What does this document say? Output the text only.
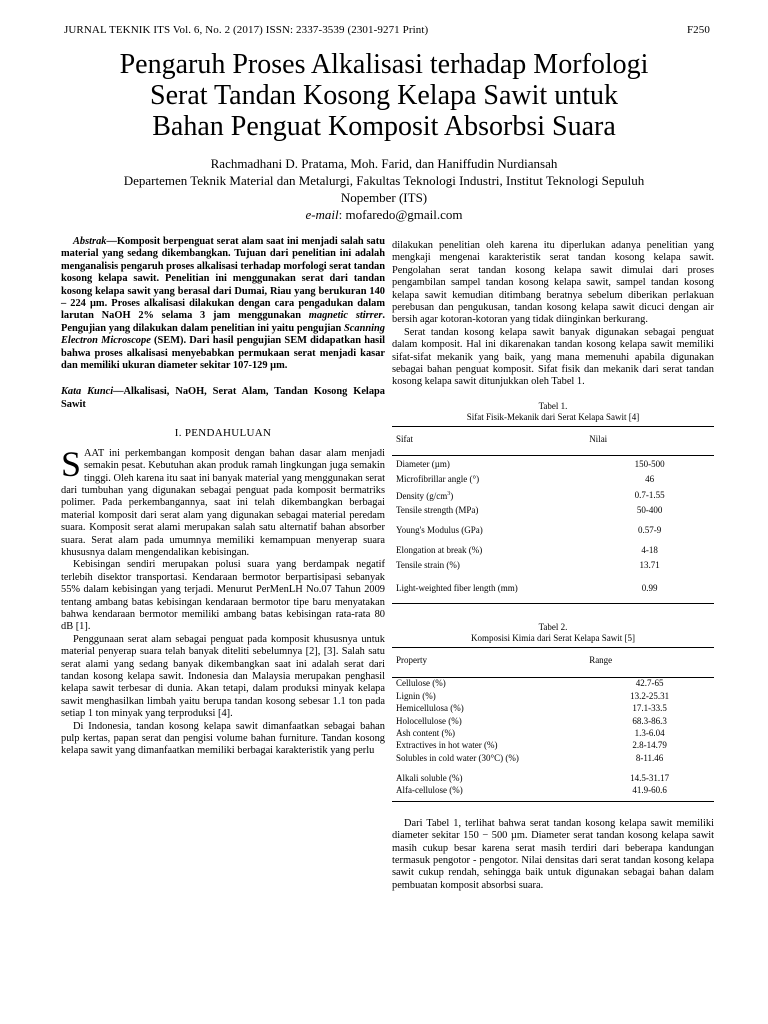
JURNAL TEKNIK ITS Vol. 6, No. 2 (2017) ISSN: 2337-3539 (2301-9271 Print)	F250
Pengaruh Proses Alkalisasi terhadap Morfologi
Serat Tandan Kosong Kelapa Sawit untuk
Bahan Penguat Komposit Absorbsi Suara
Rachmadhani D. Pratama, Moh. Farid, dan Haniffudin Nurdiansah
Departemen Teknik Material dan Metalurgi, Fakultas Teknologi Industri, Institut Teknologi Sepuluh
Nopember (ITS)
e-mail: mofaredo@gmail.com

Abstrak—Komposit berpenguat serat alam saat ini menjadi salah satu material yang sedang dikembangkan. Tujuan dari penelitian ini adalah menganalisis pengaruh proses alkalisasi terhadap morfologi serat tandan kosong kelapa sawit. Penelitian ini menggunakan serat dari tandan kosong kelapa sawit yang berasal dari Dumai, Riau yang berukuran 140 – 224 µm. Proses alkalisasi dilakukan dengan cara pengadukan dalam larutan NaOH 2% selama 3 jam menggunakan magnetic stirrer. Pengujian yang dilakukan dalam penelitian ini yaitu pengujian Scanning Electron Microscope (SEM). Dari hasil pengujian SEM didapatkan hasil bahwa proses alkalisasi menyebabkan permukaan serat menjadi kasar dan memiliki ukuran diameter sekitar 107-129 µm.

Kata Kunci—Alkalisasi, NaOH, Serat Alam, Tandan Kosong Kelapa Sawit

I. PENDAHULUAN

SAAT ini perkembangan komposit dengan bahan dasar alam menjadi semakin pesat. Kebutuhan akan produk ramah lingkungan juga semakin tinggi. Oleh karena itu saat ini banyak material yang menggunakan serat dari tumbuhan yang digunakan sebagai penguat pada komposit bermatriks polimer. Pada perkembangannya, saat ini telah dikembangkan berbagai material komposit dari serat alam yang digunakan sebagai material peredam suara. Komposit serat alami merupakan salah satu alternatif bahan absorber suara. Serat alam pada umumnya memiliki kemampuan menyerap suara khususnya dalam mengendalikan kebisingan.

Kebisingan sendiri merupakan polusi suara yang berdampak negatif terlebih disektor transportasi. Kendaraan bermotor berpartisipasi sebanyak 55% dalam kebisingan yang terjadi. Menurut PerMenLH No.07 Tahun 2009 tentang ambang batas kebisingan kendaraan bermotor tipe baru menyatakan bahwa kendaraan bermotor memiliki ambang batas kebisingan rata-rata 80 dB [1].

Penggunaan serat alam sebagai penguat pada komposit khususnya untuk material penyerap suara telah banyak diteliti sebelumnya [2], [3]. Salah satu serat alami yang sedang banyak dikembangkan saat ini adalah serat dari tandan kosong kelapa sawit. Indonesia dan Malaysia merupakan penghasil kelapa sawit terbesar di dunia. Akan tetapi, dalam produksi minyak kelapa sawit menghasilkan limbah yaitu berupa tandan kosong sebesar 1.1 ton pada setiap 1 ton minyak yang terproduksi [4].

Di Indonesia, tandan kosong kelapa sawit dimanfaatkan sebagai bahan pulp kertas, papan serat dan pengisi volume bahan furniture. Tandan kosong kelapa sawit yang dimanfaatkan memiliki berbagai karakteristik yang perlu

dilakukan penelitian oleh karena itu diperlukan adanya penelitian yang mengkaji mengenai karakteristik serat tandan kosong kelapa sawit. Pengolahan serat tandan kosong kelapa sawit dimulai dari proses pengambilan sampel tandan kosong kelapa sawit, sampel tandan kosong kelapa sawit kemudian ditimbang beratnya sebelum diberikan perlakuan perebusan dan pengukusan, tandan kosong kelapa sawit dicuci dengan air bersih agar kotoran-kotoran yang tidak diinginkan berkurang.

Serat tandan kosong kelapa sawit banyak digunakan sebagai penguat dalam komposit. Hal ini dikarenakan tandan kosong kelapa sawit memiliki sifat-sifat mekanik yang baik, yang mana memenuhi apabila digunakan sebagai bahan penguat komposit. Sifat fisik dan mekanik dari serat tandan kosong kelapa sawit ditunjukkan oleh Tabel 1.

Tabel 1.
Sifat Fisik-Mekanik dari Serat Kelapa Sawit [4]
Sifat	Nilai
Diameter (µm)	150-500
Microfibrillar angle (°)	46
Density $(g/cm^3)$	0.7-1.55
Tensile strength (MPa)	50-400
Young's Modulus (GPa)	0.57-9
Elongation at break (%)	4-18
Tensile strain (%)	13.71
Light-weighted fiber length (mm)	0.99
Tabel 2.
Komposisi Kimia dari Serat Kelapa Sawit [5]
Property	Range
Cellulose (%)	42.7-65
Lignin (%)	13.2-25.31
Hemicellulosa (%)	17.1-33.5
Holocellulose (%)	68.3-86.3
Ash content (%)	1.3-6.04
Extractives in hot water (%)	2.8-14.79
Solubles in cold water (30°C) (%)	8-11.46

Alkali soluble (%)	14.5-31.17
Alfa-cellulose (%)	41.9-60.6

Dari Tabel 1, terlihat bahwa serat tandan kosong kelapa sawit memiliki diameter sekitar 150 − 500 µm. Diameter serat tandan kosong kelapa sawit masih cukup besar karena serat masih terdiri dari beberapa kandungan termasuk pengotor - pengotor. Nilai densitas dari serat tandan kosong kelapa sawit cukup rendah, sehingga baik untuk digunakan sebagai bahan dalam pembuatan komposit absorbsi suara.
